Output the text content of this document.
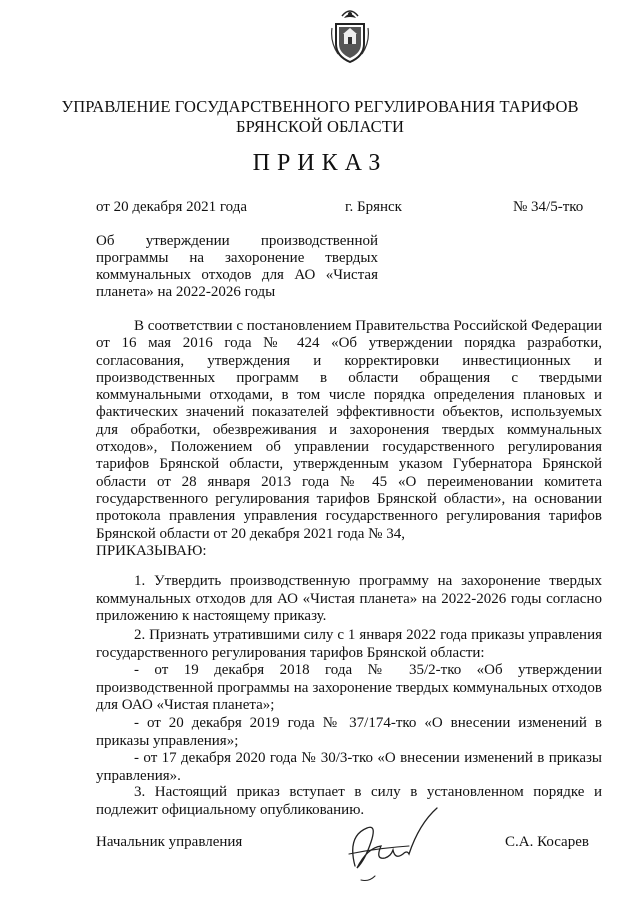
УПРАВЛЕНИЕ ГОСУДАРСТВЕННОГО РЕГУЛИРОВАНИЯ ТАРИФОВ
БРЯНСКОЙ ОБЛАСТИ
ПРИКАЗ
от 20 декабря 2021 года	г. Брянск	№ 34/5-тко
Об утверждении производственной программы на захоронение твердых коммунальных отходов для АО «Чистая планета» на 2022-2026 годы
В соответствии с постановлением Правительства Российской Федерации от 16 мая 2016 года № 424 «Об утверждении порядка разработки, согласования, утверждения и корректировки инвестиционных и производственных программ в области обращения с твердыми коммунальными отходами, в том числе порядка определения плановых и фактических значений показателей эффективности объектов, используемых для обработки, обезвреживания и захоронения твердых коммунальных отходов», Положением об управлении государственного регулирования тарифов Брянской области, утвержденным указом Губернатора Брянской области от 28 января 2013 года № 45 «О переименовании комитета государственного регулирования тарифов Брянской области», на основании протокола правления управления государственного регулирования тарифов Брянской области от 20 декабря 2021 года № 34,
ПРИКАЗЫВАЮ:
1. Утвердить производственную программу на захоронение твердых коммунальных отходов для АО «Чистая планета» на 2022-2026 годы согласно приложению к настоящему приказу.
2. Признать утратившими силу с 1 января 2022 года приказы управления государственного регулирования тарифов Брянской области:
- от 19 декабря 2018 года № 35/2-тко «Об утверждении производственной программы на захоронение твердых коммунальных отходов для ОАО «Чистая планета»;
- от 20 декабря 2019 года № 37/174-тко «О внесении изменений в приказы управления»;
- от 17 декабря 2020 года № 30/3-тко «О внесении изменений в приказы управления».
3. Настоящий приказ вступает в силу в установленном порядке и подлежит официальному опубликованию.
Начальник управления	С.А. Косарев
